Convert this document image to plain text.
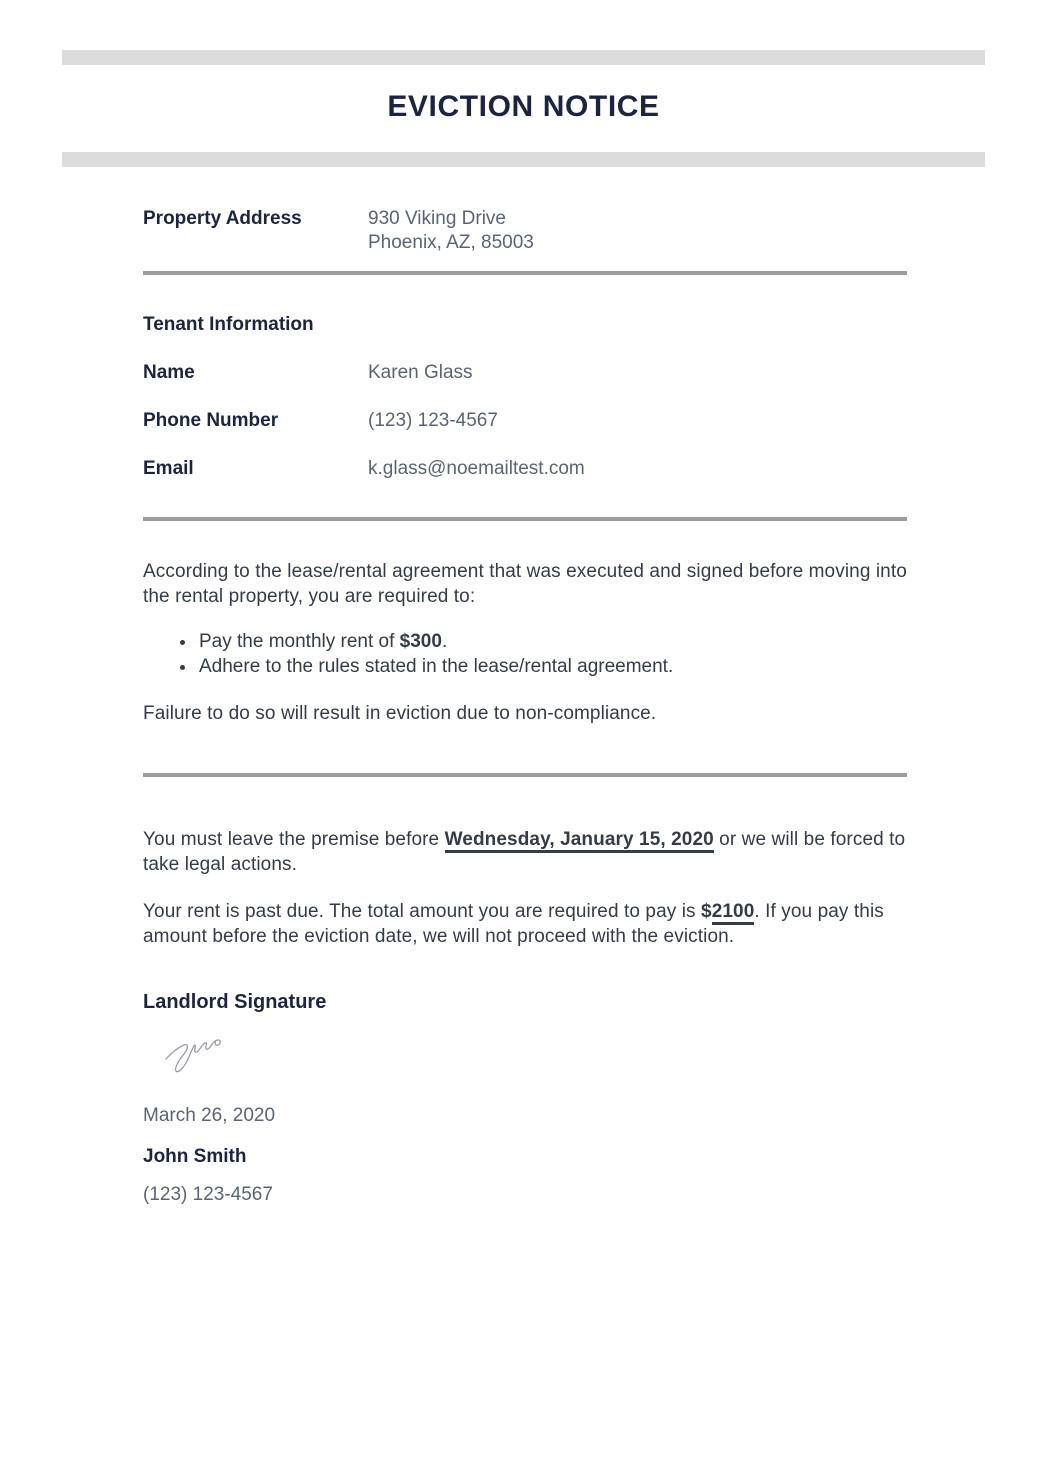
EVICTION NOTICE
Property Address	930 Viking Drive
Phoenix, AZ, 85003
Tenant Information
Name	Karen Glass
Phone Number	(123) 123-4567
Email	k.glass@noemailtest.com

According to the lease/rental agreement that was executed and signed before moving into the rental property, you are required to:

• Pay the monthly rent of $300.
• Adhere to the rules stated in the lease/rental agreement.

Failure to do so will result in eviction due to non-compliance.

You must leave the premise before Wednesday, January 15, 2020 or we will be forced to take legal actions.

Your rent is past due. The total amount you are required to pay is $2100. If you pay this amount before the eviction date, we will not proceed with the eviction.

Landlord Signature
March 26, 2020
John Smith
(123) 123-4567
